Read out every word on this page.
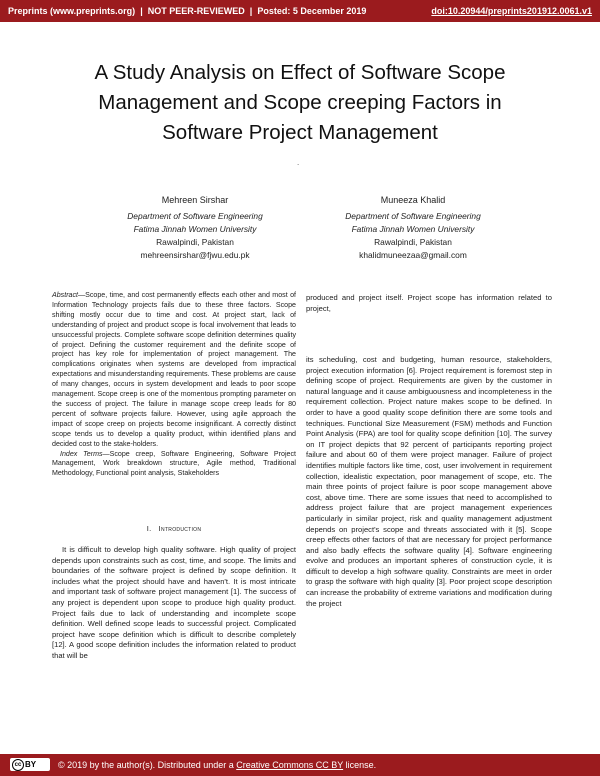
Preprints (www.preprints.org)  |  NOT PEER-REVIEWED  |  Posted: 5 December 2019	doi:10.20944/preprints201912.0061.v1
A Study Analysis on Effect of Software Scope
Management and Scope creeping Factors in
Software Project Management
.
Mehreen Sirshar
Department of Software Engineering
Fatima Jinnah Women University
Rawalpindi, Pakistan
mehreensirshar@fjwu.edu.pk
Muneeza Khalid
Department of Software Engineering
Fatima Jinnah Women University
Rawalpindi, Pakistan
khalidmuneezaa@gmail.com

Abstract—Scope, time, and cost permanently effects each other and most of Information Technology projects fails due to these three factors. Scope shifting mostly occur due to time and cost. At project start, lack of understanding of project and product scope is focal involvement that leads to unsuccessful projects. Complete software scope definition determines quality of project. Defining the customer requirement and the definite scope of project has key role for implementation of project management. The complications originates when systems are developed from impractical expectations and misunderstanding requirements. These problems are cause of many changes, occurs in system development and leads to poor scope management. Scope creep is one of the momentous prompting parameter on the success of project. The failure in manage scope creep leads for 80 percent of software projects failure. However, using agile approach the impact of scope creep on projects become insignificant. A correctly distinct scope tends us to develop a quality product, within identified plans and decided cost to the stake-holders.

Index Terms—Scope creep, Software Engineering, Software Project Management, Work breakdown structure, Agile method, Traditional Methodology, Functional point analysis, Stakeholders

I. Introduction

It is difficult to develop high quality software. High quality of project depends upon constraints such as cost, time, and scope. The limits and boundaries of the software project is defined by scope definition. It includes what the project should have and haven't. It is most intricate and important task of software project management [1]. The success of any project is dependent upon scope to produce high quality product. Project fails due to lack of understanding and incomplete scope definition. Well defined scope leads to successful project. Complicated project have scope definition which is difficult to describe completely [12]. A good scope definition includes the information related to product that will be

produced and project itself. Project scope has information related to project,

its scheduling, cost and budgeting, human resource, stakeholders, project execution information [6]. Project requirement is foremost step in defining scope of project. Requirements are given by the customer in natural language and it cause ambiguousness and incompleteness in the requirement collection. Project nature makes scope to be defined. In order to have a good quality scope definition there are some tools and techniques. Functional Size Measurement (FSM) methods and Function Point Analysis (FPA) are tool for quality scope definition [10]. The survey on IT project depicts that 92 percent of participants reporting project failure and about 60 of them were project manager. Failure of project identifies multiple factors like time, cost, user involvement in requirement collection, idealistic expectation, poor management of scope, etc. The main three points of project failure is poor scope management above cost, above time. There are some issues that need to accomplished to address project failure that are project management experiences particularly in similar project, risk and quality management adjustment depends on project's scope and threats associated with it [5]. Scope creep effects other factors of that are necessary for project performance and also badly effects the software quality [4]. Software engineering evolve and produces an important spheres of construction cycle, it is difficult to develop a high software quality. Constraints are meet in order to grasp the software with high quality [3]. Poor project scope description can increase the probability of extreme variations and modification during the project

cc BY © 2019 by the author(s). Distributed under a Creative Commons CC BY license.
